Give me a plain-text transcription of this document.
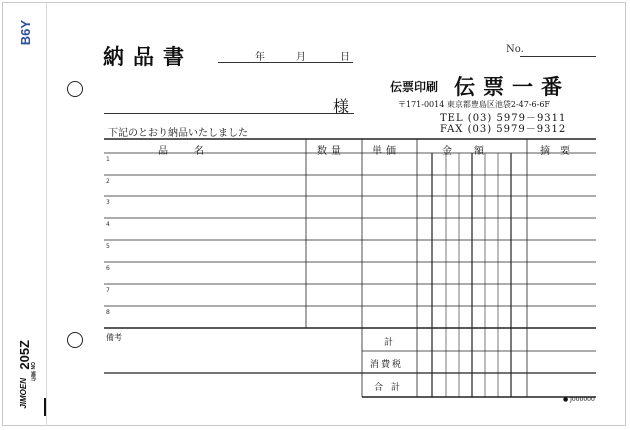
B6Y
205Z
JIMOEN
伝票 NO
納品書	年	月	日
No.
様
下記のとおり納品いたしました
伝票印刷 伝票一番
〒171-0014 東京都豊島区池袋2-47-6-6F
TEL (03) 5979－9311
FAX (03) 5979－9312
品　名	数量	単価	金　額	摘要
1
2
3
4
5
6
7
8
備考
計
消費税
合計
● J000000
